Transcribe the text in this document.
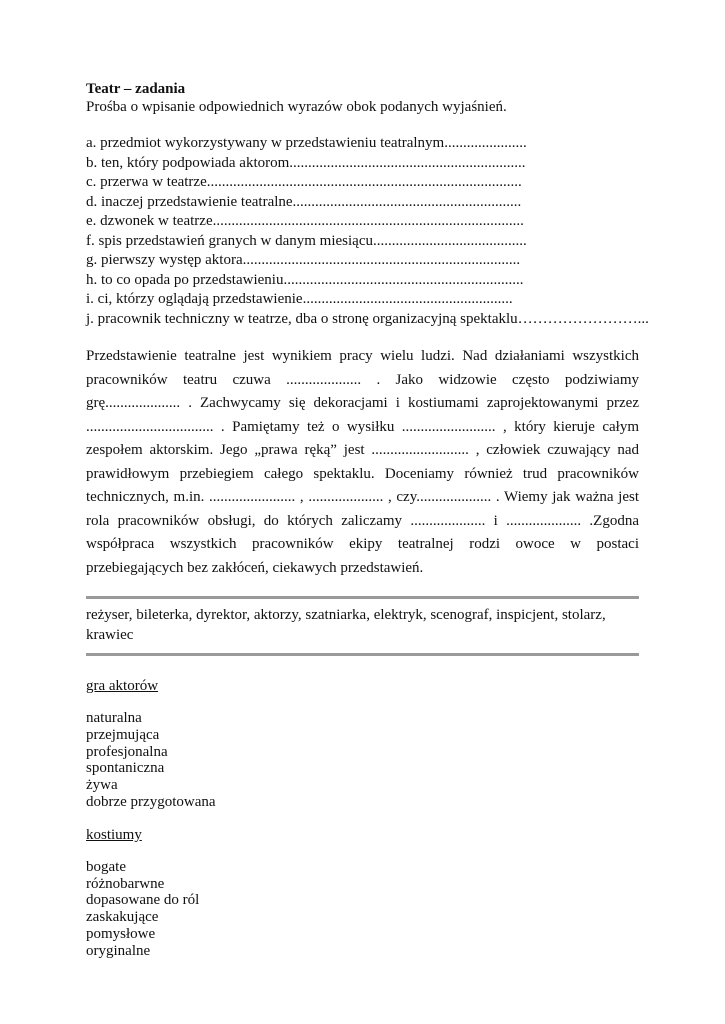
Teatr – zadania
Prośba o wpisanie odpowiednich wyrazów obok podanych wyjaśnień.
a. przedmiot wykorzystywany w przedstawieniu teatralnym......................
b. ten, który podpowiada aktorom...............................................................
c. przerwa w teatrze....................................................................................
d. inaczej przedstawienie teatralne.............................................................
e. dzwonek w teatrze...................................................................................
f. spis przedstawień granych w danym miesiącu.........................................
g. pierwszy występ aktora..........................................................................
h. to co opada po przedstawieniu................................................................
i. ci, którzy oglądają przedstawienie........................................................
j. pracownik techniczny w teatrze, dba o stronę organizacyjną spektaklu……………………...
Przedstawienie teatralne jest wynikiem pracy wielu ludzi. Nad działaniami wszystkich pracowników teatru czuwa .................... . Jako widzowie często podziwiamy grę.................... . Zachwycamy się dekoracjami i kostiumami zaprojektowanymi przez .................................. . Pamiętamy też o wysiłku ......................... , który kieruje całym zespołem aktorskim. Jego „prawa ręką” jest .......................... , człowiek czuwający nad prawidłowym przebiegiem całego spektaklu. Doceniamy również trud pracowników technicznych, m.in. ....................... , .................... , czy.................... . Wiemy jak ważna jest rola pracowników obsługi, do których zaliczamy .................... i .................... .Zgodna współpraca wszystkich pracowników ekipy teatralnej rodzi owoce w postaci przebiegających bez zakłóceń, ciekawych przedstawień.
reżyser, bileterka, dyrektor, aktorzy, szatniarka, elektryk, scenograf, inspicjent, stolarz, krawiec
gra aktorów
naturalna
przejmująca
profesjonalna
spontaniczna
żywa
dobrze przygotowana
kostiumy
bogate
różnobarwne
dopasowane do ról
zaskakujące
pomysłowe
oryginalne
